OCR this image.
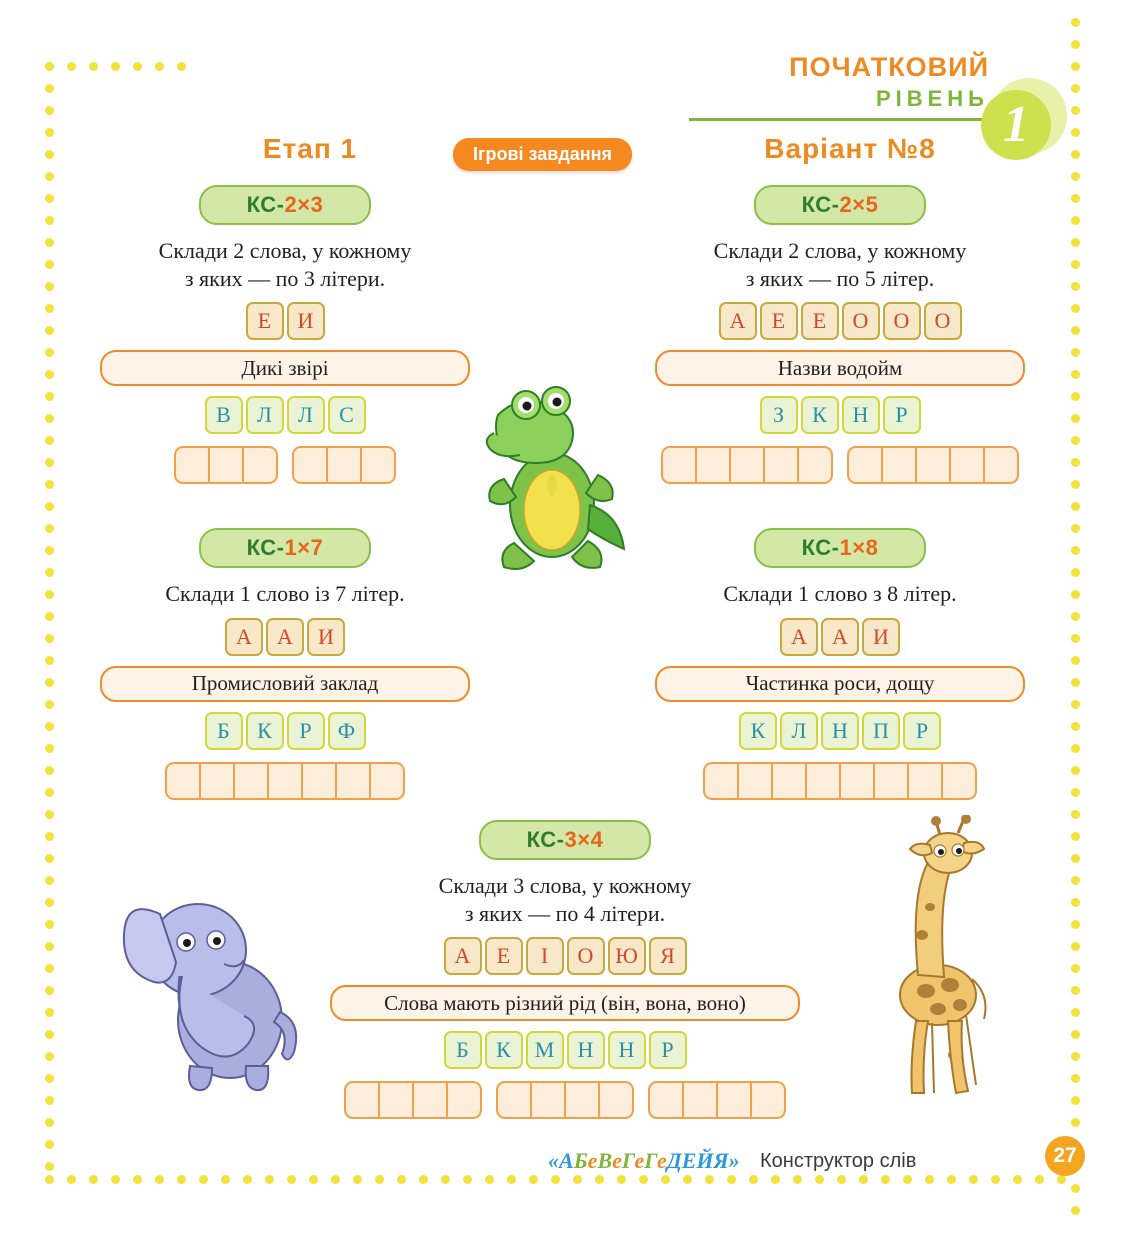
ПОЧАТКОВИЙ
РІВЕНЬ 1
Етап 1	Ігрові завдання	Варіант №8
КС- 2×3
Склади 2 слова, у кожному
з яких — по 3 літери.
Е	И
Дикі звірі
В	Л	Л	С
КС- 2×5
Склади 2 слова, у кожному
з яких — по 5 літер.
А	Е	Е	О	О	О
Назви водойм
З	К	Н	Р
КС- 1×7
Склади 1 слово із 7 літер.
А	А	И
Промисловий заклад
Б	К	Р	Ф
КС- 1×8
Склади 1 слово з 8 літер.
А	А	И
Частинка роси, дощу
К	Л	Н	П	Р
КС- 3×4
Склади 3 слова, у кожному
з яких — по 4 літери.
А	Е	І	О Ю	Я
Слова мають різний рід (він, вона, воно)
Б	К	М	Н	Н	Р
«АБеВеГеГеДЕЙЯ» Конструктор слів	27
